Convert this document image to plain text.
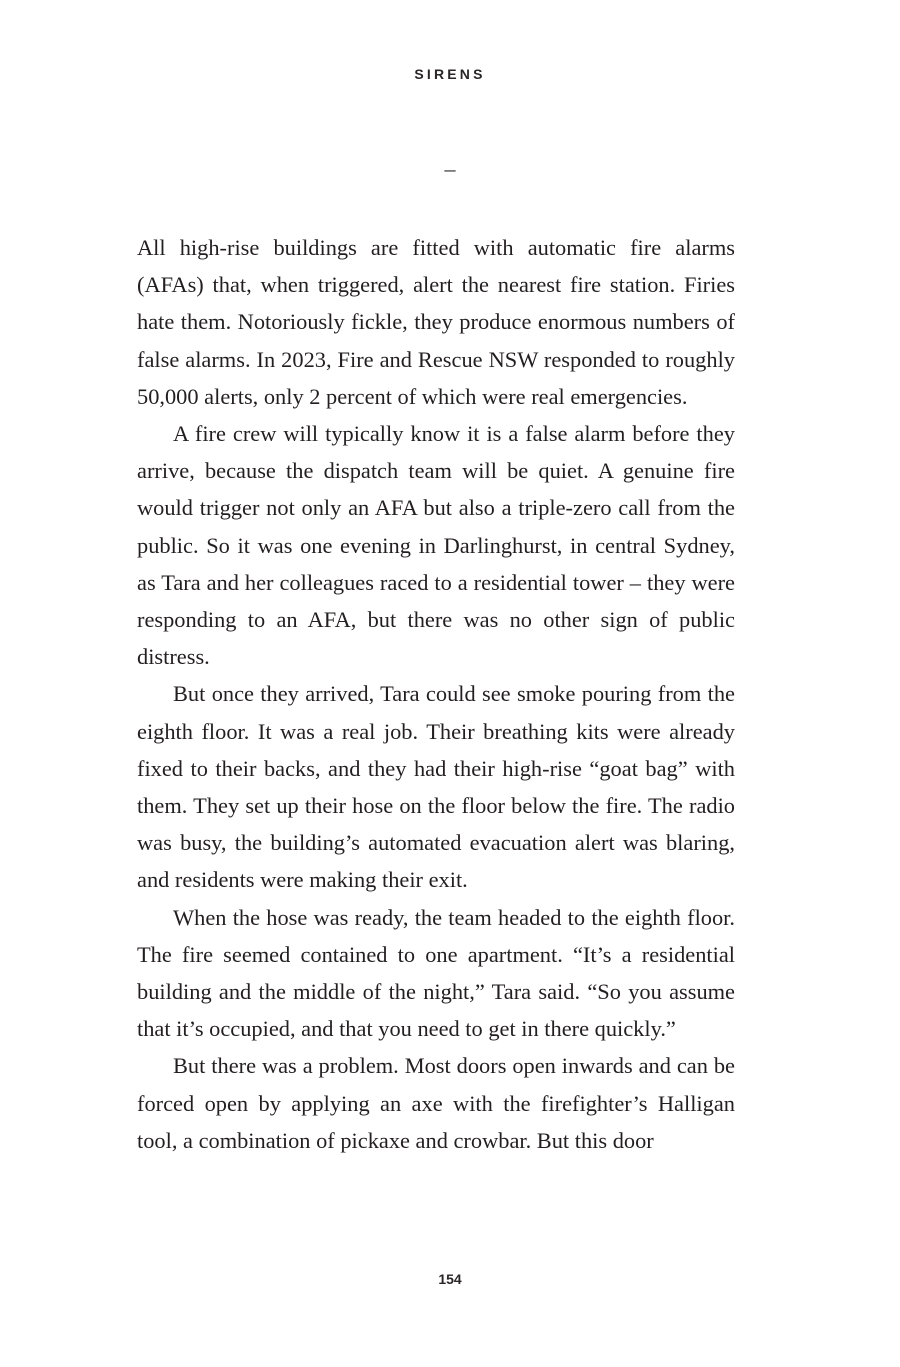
SIRENS
–

All high-rise buildings are fitted with automatic fire alarms (AFAs) that, when triggered, alert the nearest fire station. Firies hate them. Notoriously fickle, they produce enormous numbers of false alarms. In 2023, Fire and Rescue NSW responded to roughly 50,000 alerts, only 2 percent of which were real emergencies.

A fire crew will typically know it is a false alarm before they arrive, because the dispatch team will be quiet. A genuine fire would trigger not only an AFA but also a triple-zero call from the public. So it was one evening in Darlinghurst, in central Sydney, as Tara and her colleagues raced to a residential tower – they were responding to an AFA, but there was no other sign of public distress.

But once they arrived, Tara could see smoke pouring from the eighth floor. It was a real job. Their breathing kits were already fixed to their backs, and they had their high-rise “goat bag” with them. They set up their hose on the floor below the fire. The radio was busy, the building’s automated evacuation alert was blaring, and residents were making their exit.

When the hose was ready, the team headed to the eighth floor. The fire seemed contained to one apartment. “It’s a residential building and the middle of the night,” Tara said. “So you assume that it’s occupied, and that you need to get in there quickly.”

But there was a problem. Most doors open inwards and can be forced open by applying an axe with the firefighter’s Halligan tool, a combination of pickaxe and crowbar. But this door

154
